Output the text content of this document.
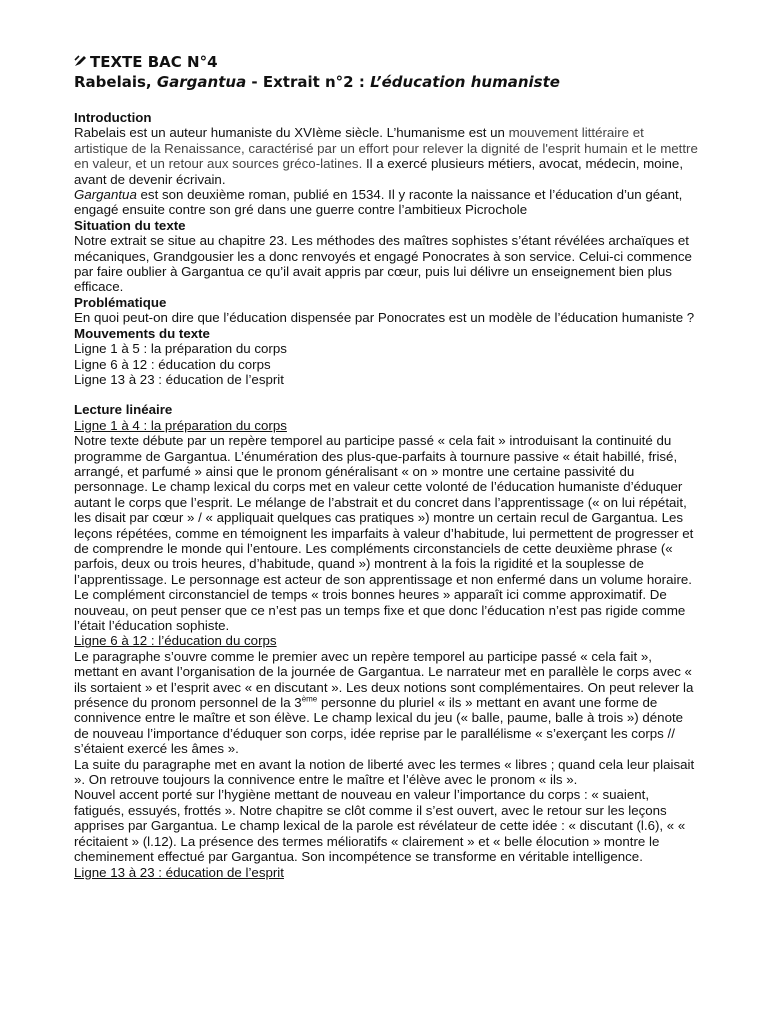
TEXTE BAC N°4

Rabelais, Gargantua - Extrait n°2 : L’éducation humaniste

Introduction

Rabelais est un auteur humaniste du XVIème siècle. L’humanisme est un mouvement littéraire et artistique de la Renaissance, caractérisé par un effort pour relever la dignité de l'esprit humain et le mettre en valeur, et un retour aux sources gréco-latines. Il a exercé plusieurs métiers, avocat, médecin, moine, avant de devenir écrivain.

Gargantua est son deuxième roman, publié en 1534. Il y raconte la naissance et l’éducation d’un géant, engagé ensuite contre son gré dans une guerre contre l’ambitieux Picrochole

Situation du texte

Notre extrait se situe au chapitre 23. Les méthodes des maîtres sophistes s’étant révélées archaïques et mécaniques, Grandgousier les a donc renvoyés et engagé Ponocrates à son service. Celui-ci commence par faire oublier à Gargantua ce qu’il avait appris par cœur, puis lui délivre un enseignement bien plus efficace.

Problématique

En quoi peut-on dire que l’éducation dispensée par Ponocrates est un modèle de l’éducation humaniste ?

Mouvements du texte

Ligne 1 à 5 : la préparation du corps

Ligne 6 à 12 : éducation du corps

Ligne 13 à 23 : éducation de l’esprit

Lecture linéaire

Ligne 1 à 4 : la préparation du corps

Notre texte débute par un repère temporel au participe passé « cela fait » introduisant la continuité du programme de Gargantua. L’énumération des plus-que-parfaits à tournure passive « était habillé, frisé, arrangé, et parfumé » ainsi que le pronom généralisant « on » montre une certaine passivité du personnage. Le champ lexical du corps met en valeur cette volonté de l’éducation humaniste d’éduquer autant le corps que l’esprit. Le mélange de l’abstrait et du concret dans l’apprentissage (« on lui répétait, les disait par cœur » / « appliquait quelques cas pratiques ») montre un certain recul de Gargantua. Les leçons répétées, comme en témoignent les imparfaits à valeur d’habitude, lui permettent de progresser et de comprendre le monde qui l’entoure. Les compléments circonstanciels de cette deuxième phrase (« parfois, deux ou trois heures, d’habitude, quand ») montrent à la fois la rigidité et la souplesse de l’apprentissage. Le personnage est acteur de son apprentissage et non enfermé dans un volume horaire.

Le complément circonstanciel de temps « trois bonnes heures » apparaît ici comme approximatif. De nouveau, on peut penser que ce n’est pas un temps fixe et que donc l’éducation n’est pas rigide comme l’était l’éducation sophiste.

Ligne 6 à 12 : l’éducation du corps

Le paragraphe s’ouvre comme le premier avec un repère temporel au participe passé « cela fait », mettant en avant l’organisation de la journée de Gargantua. Le narrateur met en parallèle le corps avec « ils sortaient » et l’esprit avec « en discutant ». Les deux notions sont complémentaires. On peut relever la présence du pronom personnel de la 3ème personne du pluriel « ils » mettant en avant une forme de connivence entre le maître et son élève. Le champ lexical du jeu (« balle, paume, balle à trois ») dénote de nouveau l’importance d’éduquer son corps, idée reprise par le parallélisme « s’exerçant les corps // s’étaient exercé les âmes ».

La suite du paragraphe met en avant la notion de liberté avec les termes « libres ; quand cela leur plaisait ». On retrouve toujours la connivence entre le maître et l’élève avec le pronom « ils ».

Nouvel accent porté sur l’hygiène mettant de nouveau en valeur l’importance du corps : « suaient, fatigués, essuyés, frottés ». Notre chapitre se clôt comme il s’est ouvert, avec le retour sur les leçons apprises par Gargantua. Le champ lexical de la parole est révélateur de cette idée : « discutant (l.6), « « récitaient » (l.12). La présence des termes mélioratifs « clairement » et « belle élocution » montre le cheminement effectué par Gargantua. Son incompétence se transforme en véritable intelligence.

Ligne 13 à 23 : éducation de l’esprit
